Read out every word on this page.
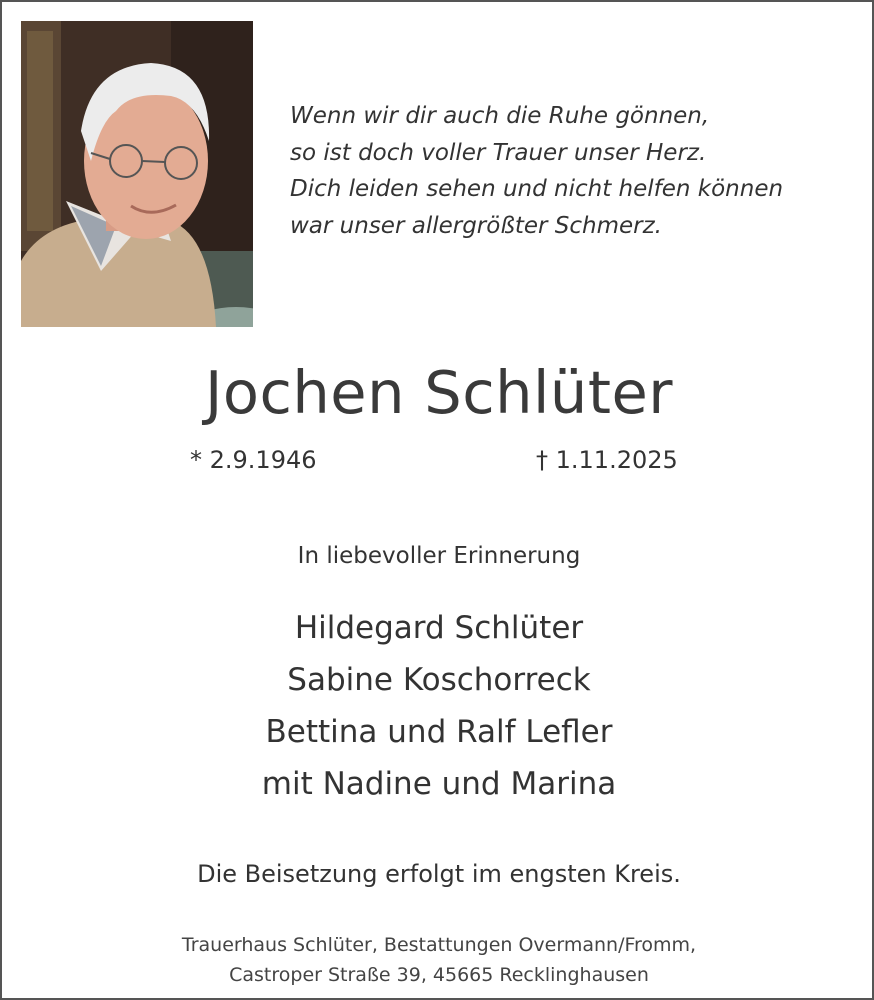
Wenn wir dir auch die Ruhe gönnen,
so ist doch voller Trauer unser Herz.
Dich leiden sehen und nicht helfen können
war unser allergrößter Schmerz.
Jochen Schlüter
* 2.9.1946	† 1.11.2025
In liebevoller Erinnerung
Hildegard Schlüter
Sabine Koschorreck
Bettina und Ralf Lefler
mit Nadine und Marina
Die Beisetzung erfolgt im engsten Kreis.
Trauerhaus Schlüter, Bestattungen Overmann/Fromm,
Castroper Straße 39, 45665 Recklinghausen
